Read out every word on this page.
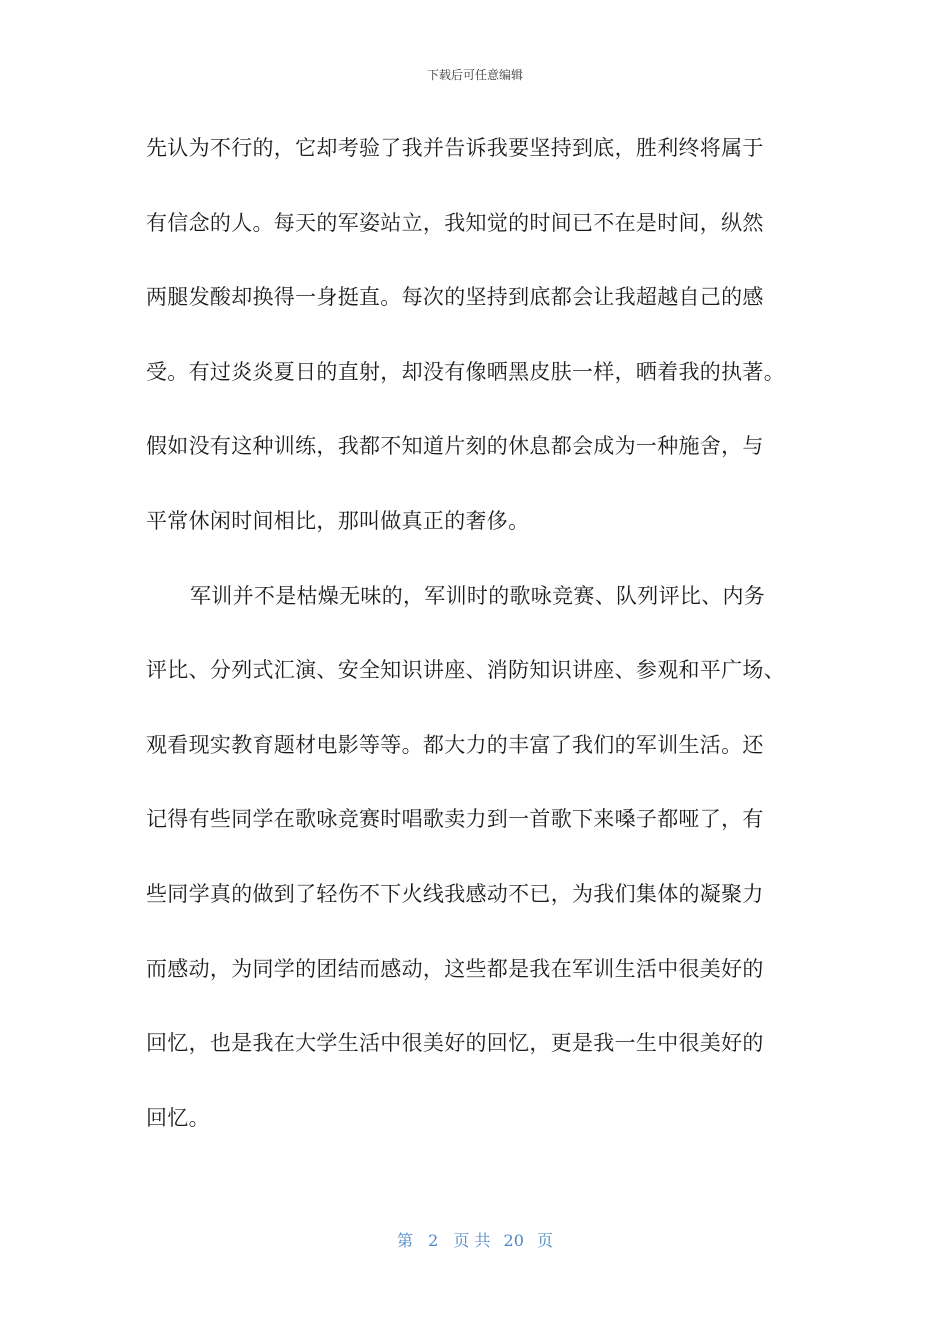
下载后可任意编辑
先认为不行的，它却考验了我并告诉我要坚持到底，胜利终将属于
有信念的人。每天的军姿站立，我知觉的时间已不在是时间，纵然
两腿发酸却换得一身挺直。每次的坚持到底都会让我超越自己的感
受。有过炎炎夏日的直射，却没有像晒黑皮肤一样，晒着我的执著。
假如没有这种训练，我都不知道片刻的休息都会成为一种施舍，与
平常休闲时间相比，那叫做真正的奢侈。
军训并不是枯燥无味的，军训时的歌咏竞赛、队列评比、内务
评比、分列式汇演、安全知识讲座、消防知识讲座、参观和平广场、
观看现实教育题材电影等等。都大力的丰富了我们的军训生活。还
记得有些同学在歌咏竞赛时唱歌卖力到一首歌下来嗓子都哑了，有
些同学真的做到了轻伤不下火线我感动不已，为我们集体的凝聚力
而感动，为同学的团结而感动，这些都是我在军训生活中很美好的
回忆，也是我在大学生活中很美好的回忆，更是我一生中很美好的
回忆。
第 2 页 共 20 页
